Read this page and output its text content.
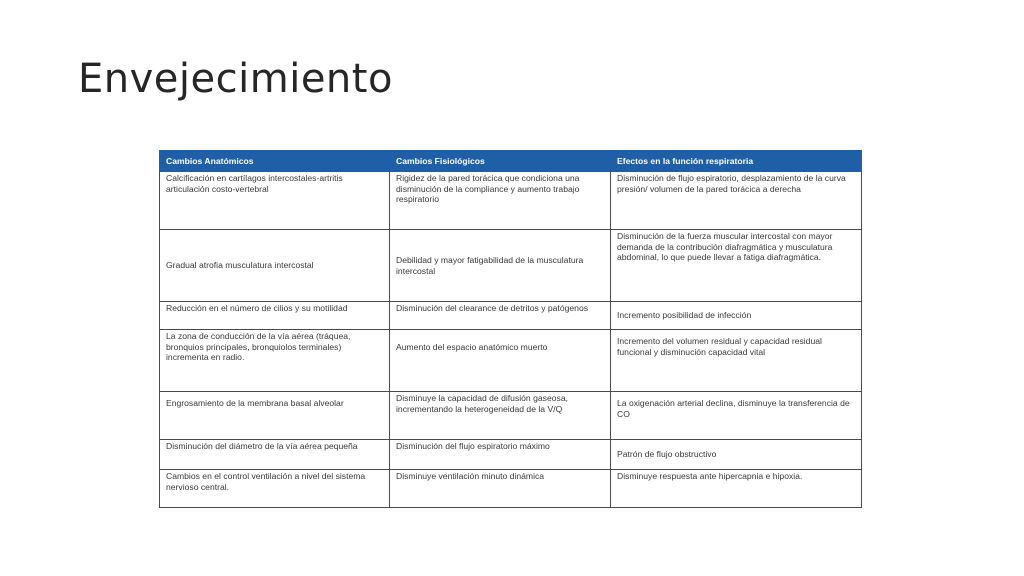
Envejecimiento
Cambios Anatómicos	Cambios Fisiológicos	Efectos en la función respiratoria
Calcificación en cartílagos intercostales-artritis articulación costo-vertebral	Rigidez de la pared torácica que condiciona una disminución de la compliance y aumento trabajo respiratorio	Disminución de flujo espiratorio, desplazamiento de la curva presión/ volumen de la pared torácica a derecha
Gradual atrofia musculatura intercostal	Debilidad y mayor fatigabilidad de la musculatura intercostal	Disminución de la fuerza muscular intercostal con mayor demanda de la contribución diafragmática y musculatura abdominal, lo que puede llevar a fatiga diafragmática.
Reducción en el número de cilios y su motilidad	Disminución del clearance de detritos y patógenos	Incremento posibilidad de infección
La zona de conducción de la vía aérea (tráquea, bronquios principales, bronquiolos terminales) incrementa en radio.	Aumento del espacio anatómico muerto	Incremento del volumen residual y capacidad residual funcional y disminución capacidad vital
Engrosamiento de la membrana basal alveolar	Disminuye la capacidad de difusión gaseosa, incrementando la heterogeneidad de la V/Q	La oxigenación arterial declina, disminuye la transferencia de CO
Disminución del diámetro de la vía aérea pequeña	Disminución del flujo espiratorio máximo	Patrón de flujo obstructivo
Cambios en el control ventilación a nivel del sistema nervioso central.	Disminuye ventilación minuto dinámica	Disminuye respuesta ante hipercapnia e hipoxia.
